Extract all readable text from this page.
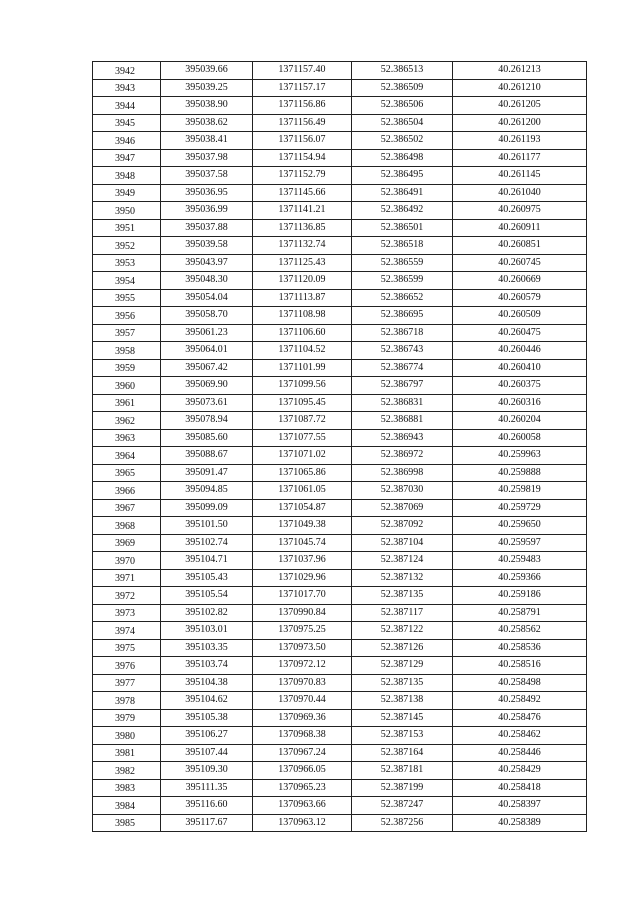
3942	395039.66	1371157.40	52.386513	40.261213
3943	395039.25	1371157.17	52.386509	40.261210
3944	395038.90	1371156.86	52.386506	40.261205
3945	395038.62	1371156.49	52.386504	40.261200
3946	395038.41	1371156.07	52.386502	40.261193
3947	395037.98	1371154.94	52.386498	40.261177
3948	395037.58	1371152.79	52.386495	40.261145
3949	395036.95	1371145.66	52.386491	40.261040
3950	395036.99	1371141.21	52.386492	40.260975
3951	395037.88	1371136.85	52.386501	40.260911
3952	395039.58	1371132.74	52.386518	40.260851
3953	395043.97	1371125.43	52.386559	40.260745
3954	395048.30	1371120.09	52.386599	40.260669
3955	395054.04	1371113.87	52.386652	40.260579
3956	395058.70	1371108.98	52.386695	40.260509
3957	395061.23	1371106.60	52.386718	40.260475
3958	395064.01	1371104.52	52.386743	40.260446
3959	395067.42	1371101.99	52.386774	40.260410
3960	395069.90	1371099.56	52.386797	40.260375
3961	395073.61	1371095.45	52.386831	40.260316
3962	395078.94	1371087.72	52.386881	40.260204
3963	395085.60	1371077.55	52.386943	40.260058
3964	395088.67	1371071.02	52.386972	40.259963
3965	395091.47	1371065.86	52.386998	40.259888
3966	395094.85	1371061.05	52.387030	40.259819
3967	395099.09	1371054.87	52.387069	40.259729
3968	395101.50	1371049.38	52.387092	40.259650
3969	395102.74	1371045.74	52.387104	40.259597
3970	395104.71	1371037.96	52.387124	40.259483
3971	395105.43	1371029.96	52.387132	40.259366
3972	395105.54	1371017.70	52.387135	40.259186
3973	395102.82	1370990.84	52.387117	40.258791
3974	395103.01	1370975.25	52.387122	40.258562
3975	395103.35	1370973.50	52.387126	40.258536
3976	395103.74	1370972.12	52.387129	40.258516
3977	395104.38	1370970.83	52.387135	40.258498
3978	395104.62	1370970.44	52.387138	40.258492
3979	395105.38	1370969.36	52.387145	40.258476
3980	395106.27	1370968.38	52.387153	40.258462
3981	395107.44	1370967.24	52.387164	40.258446
3982	395109.30	1370966.05	52.387181	40.258429
3983	395111.35	1370965.23	52.387199	40.258418
3984	395116.60	1370963.66	52.387247	40.258397
3985	395117.67	1370963.12	52.387256	40.258389
